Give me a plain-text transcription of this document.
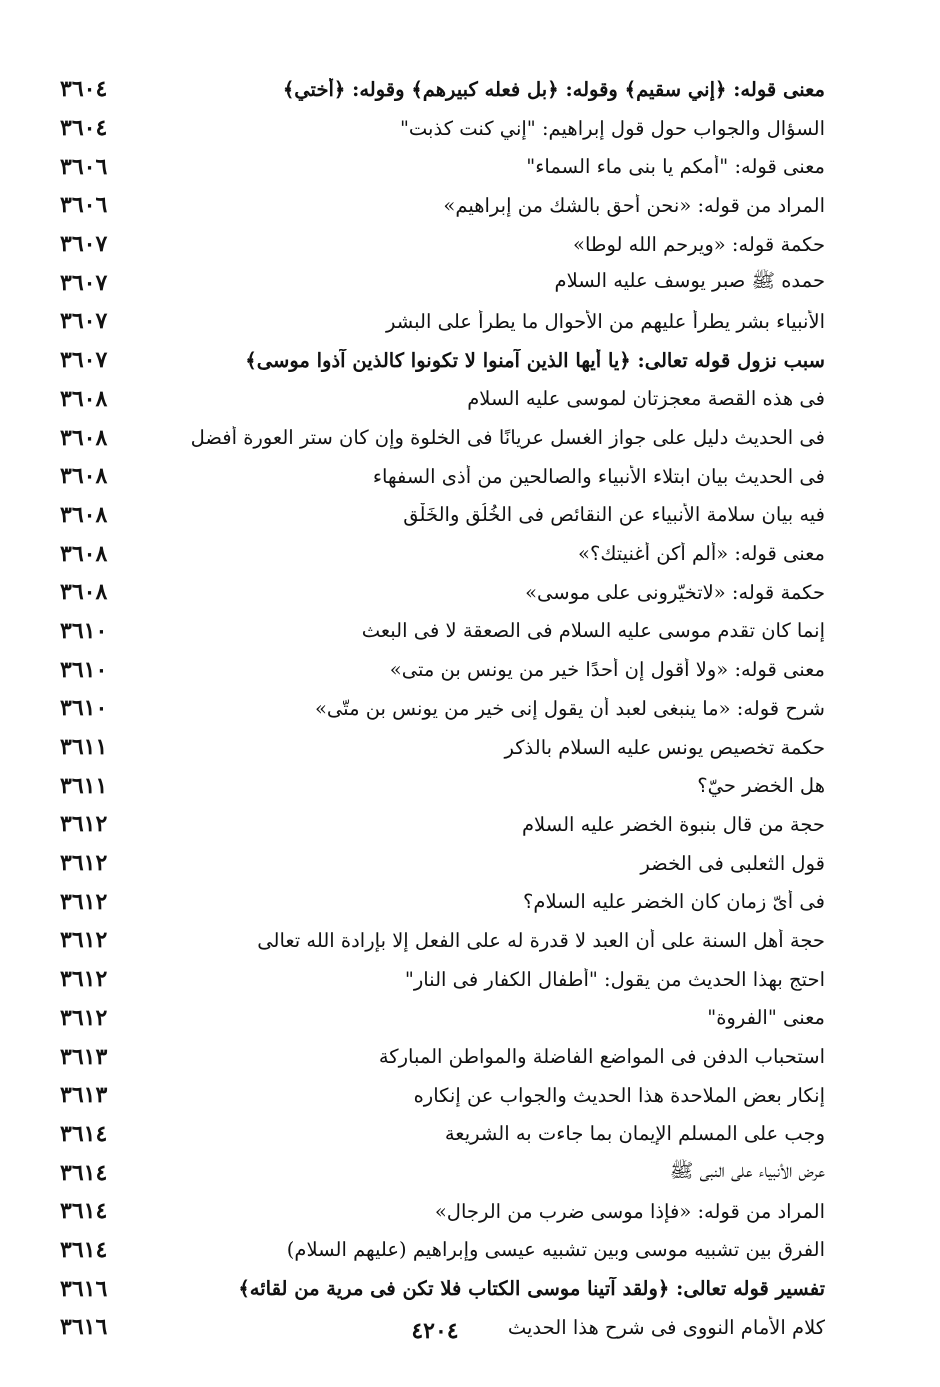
٣٦٠٤	معنى قوله: ﴿إني سقيم﴾ وقوله: ﴿بل فعله كبيرهم﴾ وقوله: ﴿أختي﴾
٣٦٠٤	السؤال والجواب حول قول إبراهيم: "إني كنت كذبت"
٣٦٠٦	معنى قوله: "أمكم يا بنى ماء السماء"
٣٦٠٦	المراد من قوله: «نحن أحق بالشك من إبراهيم»
٣٦٠٧	حكمة قوله: «ويرحم الله لوطا»
٣٦٠٧	حمده ﷺ صبر يوسف عليه السلام
٣٦٠٧	الأنبياء بشر يطرأ عليهم من الأحوال ما يطرأ على البشر
٣٦٠٧	سبب نزول قوله تعالى: ﴿يا أيها الذين آمنوا لا تكونوا كالذين آذوا موسى﴾
٣٦٠٨	فى هذه القصة معجزتان لموسى عليه السلام
٣٦٠٨	فى الحديث دليل على جواز الغسل عريانًا فى الخلوة وإن كان ستر العورة أفضل
٣٦٠٨	فى الحديث بيان ابتلاء الأنبياء والصالحين من أذى السفهاء
٣٦٠٨	فيه بيان سلامة الأنبياء عن النقائص فى الخُلُق والخَلْق
٣٦٠٨	معنى قوله: «ألم أكن أغنيتك؟»
٣٦٠٨	حكمة قوله: «لاتخيّرونى على موسى»
٣٦١٠	إنما كان تقدم موسى عليه السلام فى الصعقة لا فى البعث
٣٦١٠	معنى قوله: «ولا أقول إن أحدًا خير من يونس بن متى»
٣٦١٠	شرح قوله: «ما ينبغى لعبد أن يقول إنى خير من يونس بن متّى»
٣٦١١	حكمة تخصيص يونس عليه السلام بالذكر
٣٦١١	هل الخضر حيّ؟
٣٦١٢	حجة من قال بنبوة الخضر عليه السلام
٣٦١٢	قول الثعلبى فى الخضر
٣٦١٢	فى أىّ زمان كان الخضر عليه السلام؟
٣٦١٢	حجة أهل السنة على أن العبد لا قدرة له على الفعل إلا بإرادة الله تعالى
٣٦١٢	احتج بهذا الحديث من يقول: "أطفال الكفار فى النار"
٣٦١٢	معنى "الفروة"
٣٦١٣	استحباب الدفن فى المواضع الفاضلة والمواطن المباركة
٣٦١٣	إنكار بعض الملاحدة هذا الحديث والجواب عن إنكاره
٣٦١٤	وجب على المسلم الإيمان بما جاءت به الشريعة
٣٦١٤	عرض الأنبياء على النبى ﷺ
٣٦١٤	المراد من قوله: «فإذا موسى ضرب من الرجال»
٣٦١٤	الفرق بين تشبيه موسى وبين تشبيه عيسى وإبراهيم (عليهم السلام)
٣٦١٦	تفسير قوله تعالى: ﴿ولقد آتينا موسى الكتاب فلا تكن فى مرية من لقائه﴾
٣٦١٦	كلام الأمام النووى فى شرح هذا الحديث
٤٢٠٤
